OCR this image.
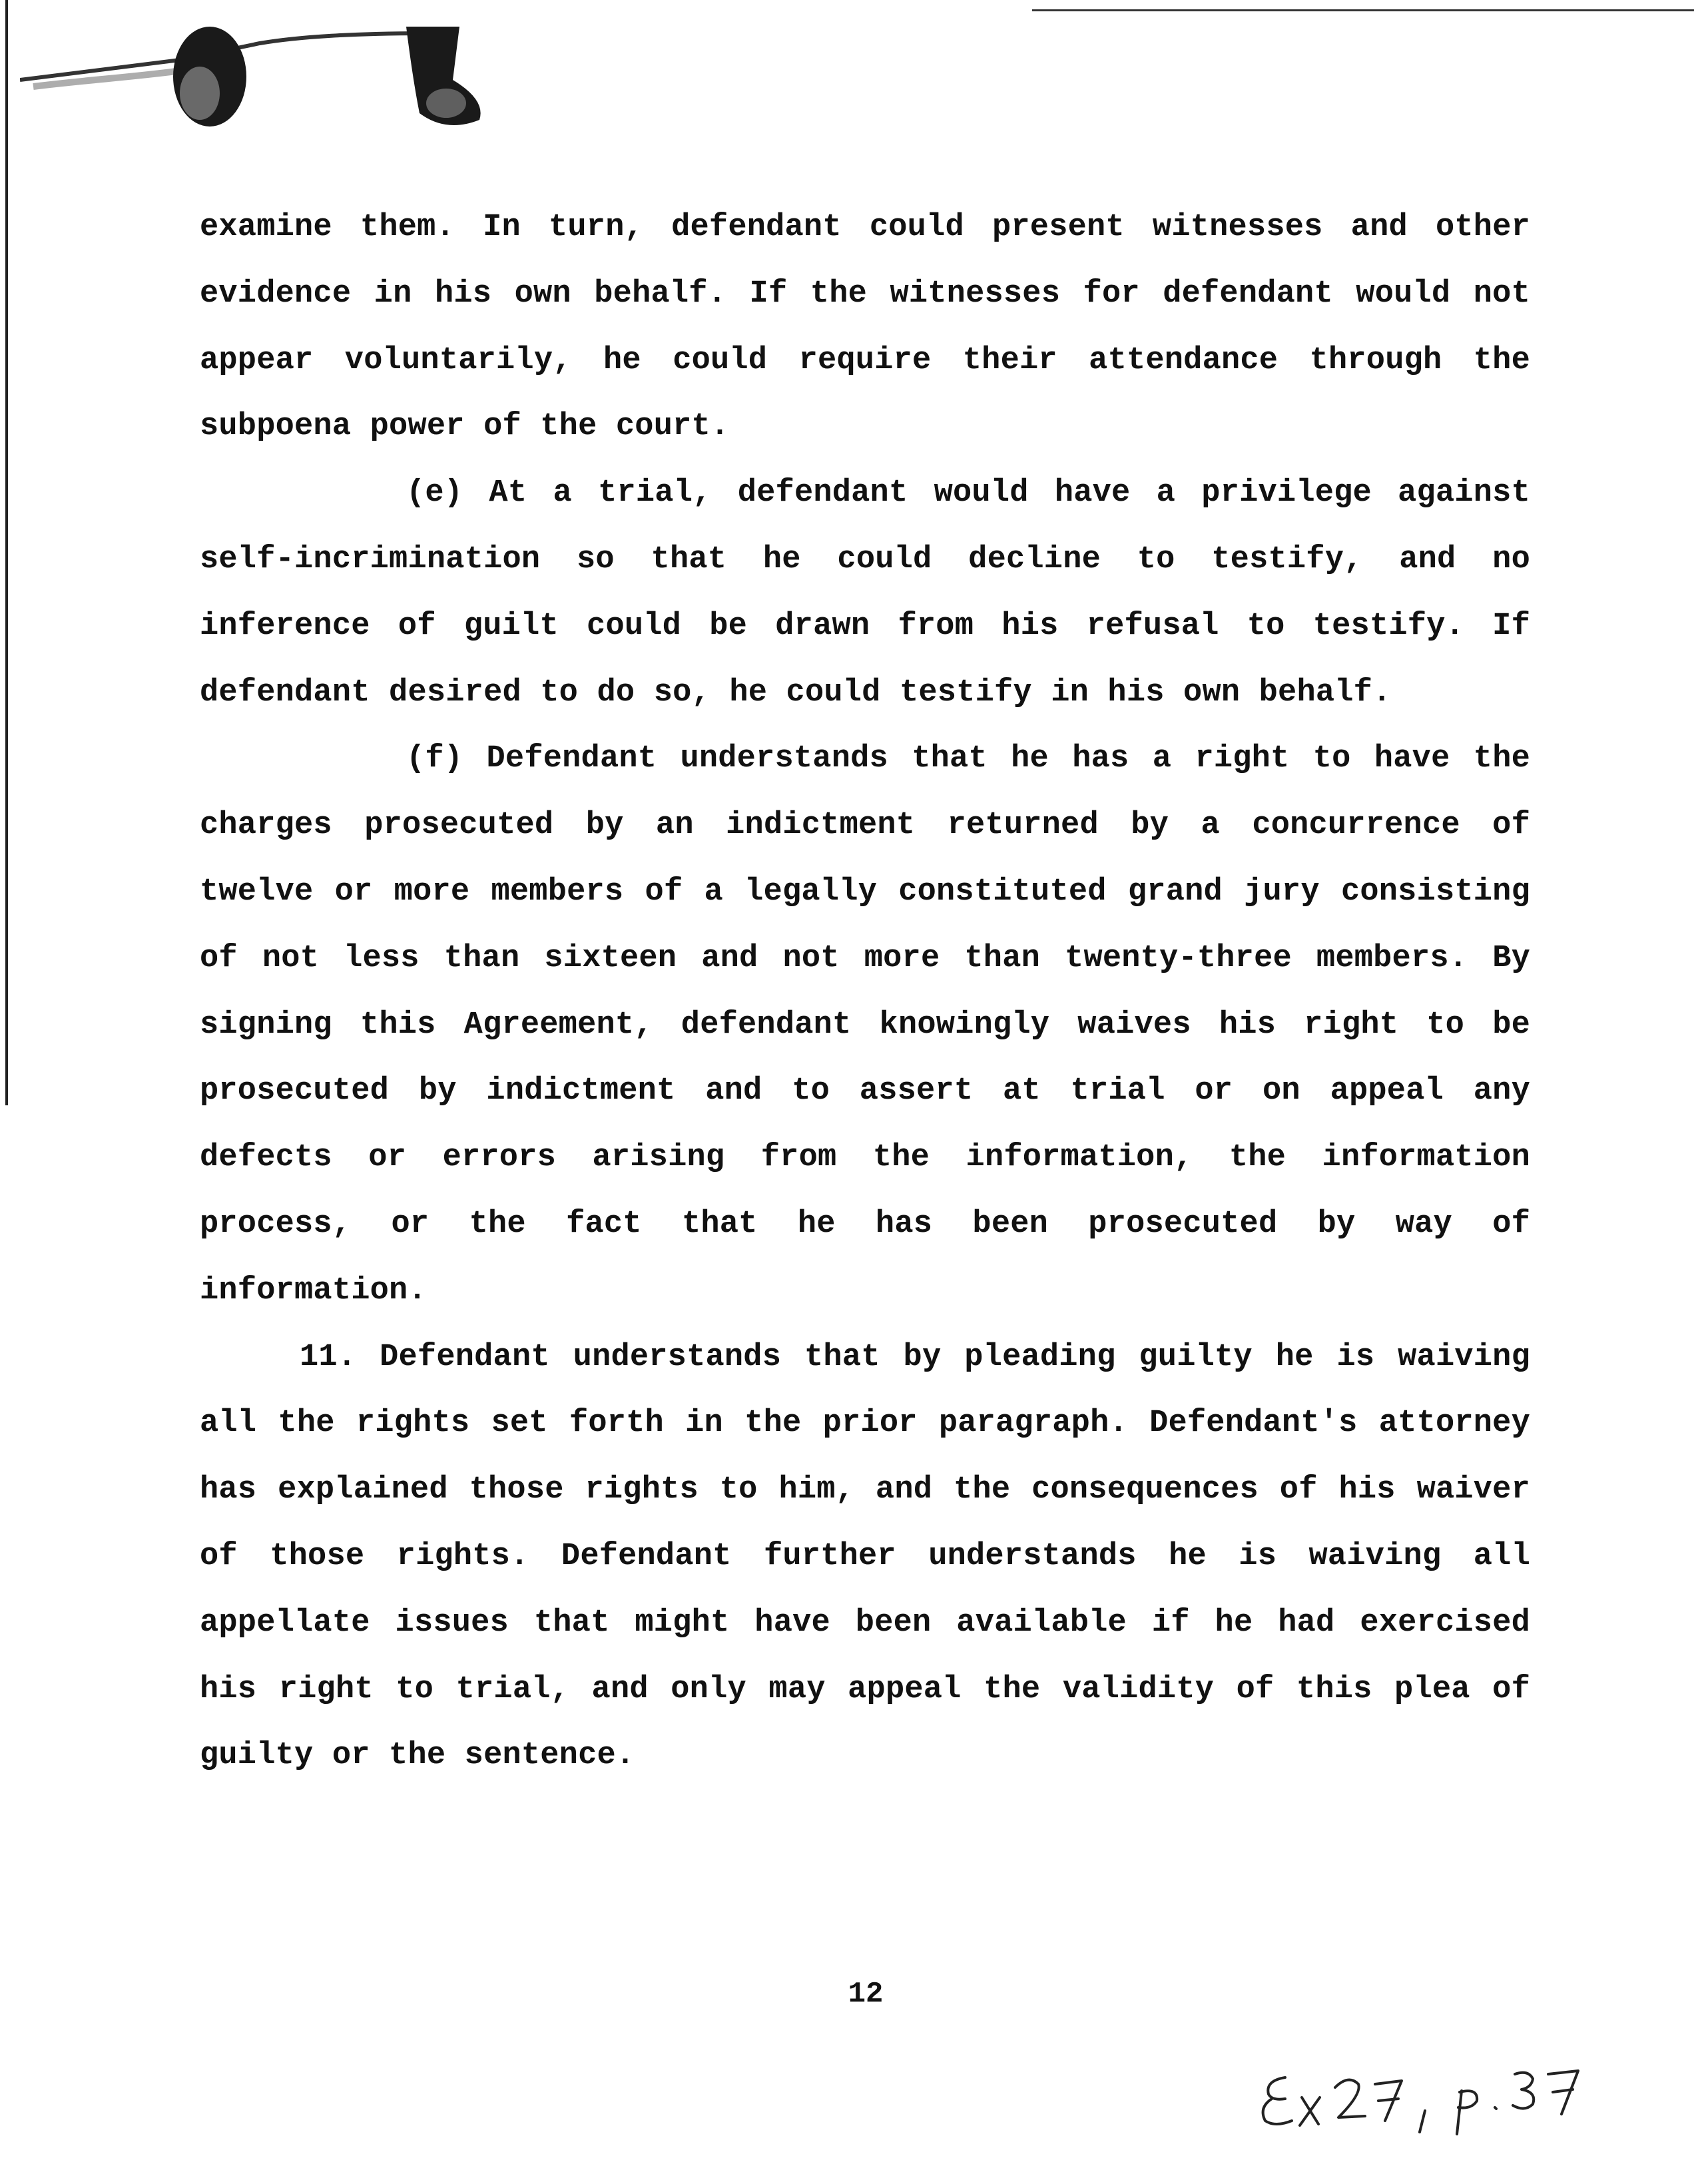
examine them. In turn, defendant could present witnesses and other evidence in his own behalf. If the witnesses for defendant would not appear voluntarily, he could require their attendance through the subpoena power of the court.

(e) At a trial, defendant would have a privilege against self-incrimination so that he could decline to testify, and no inference of guilt could be drawn from his refusal to testify. If defendant desired to do so, he could testify in his own behalf.

(f) Defendant understands that he has a right to have the charges prosecuted by an indictment returned by a concurrence of twelve or more members of a legally constituted grand jury consisting of not less than sixteen and not more than twenty-three members. By signing this Agreement, defendant knowingly waives his right to be prosecuted by indictment and to assert at trial or on appeal any defects or errors arising from the information, the information process, or the fact that he has been prosecuted by way of information.

11. Defendant understands that by pleading guilty he is waiving all the rights set forth in the prior paragraph. Defendant's attorney has explained those rights to him, and the consequences of his waiver of those rights. Defendant further understands he is waiving all appellate issues that might have been available if he had exercised his right to trial, and only may appeal the validity of this plea of guilty or the sentence.

12
